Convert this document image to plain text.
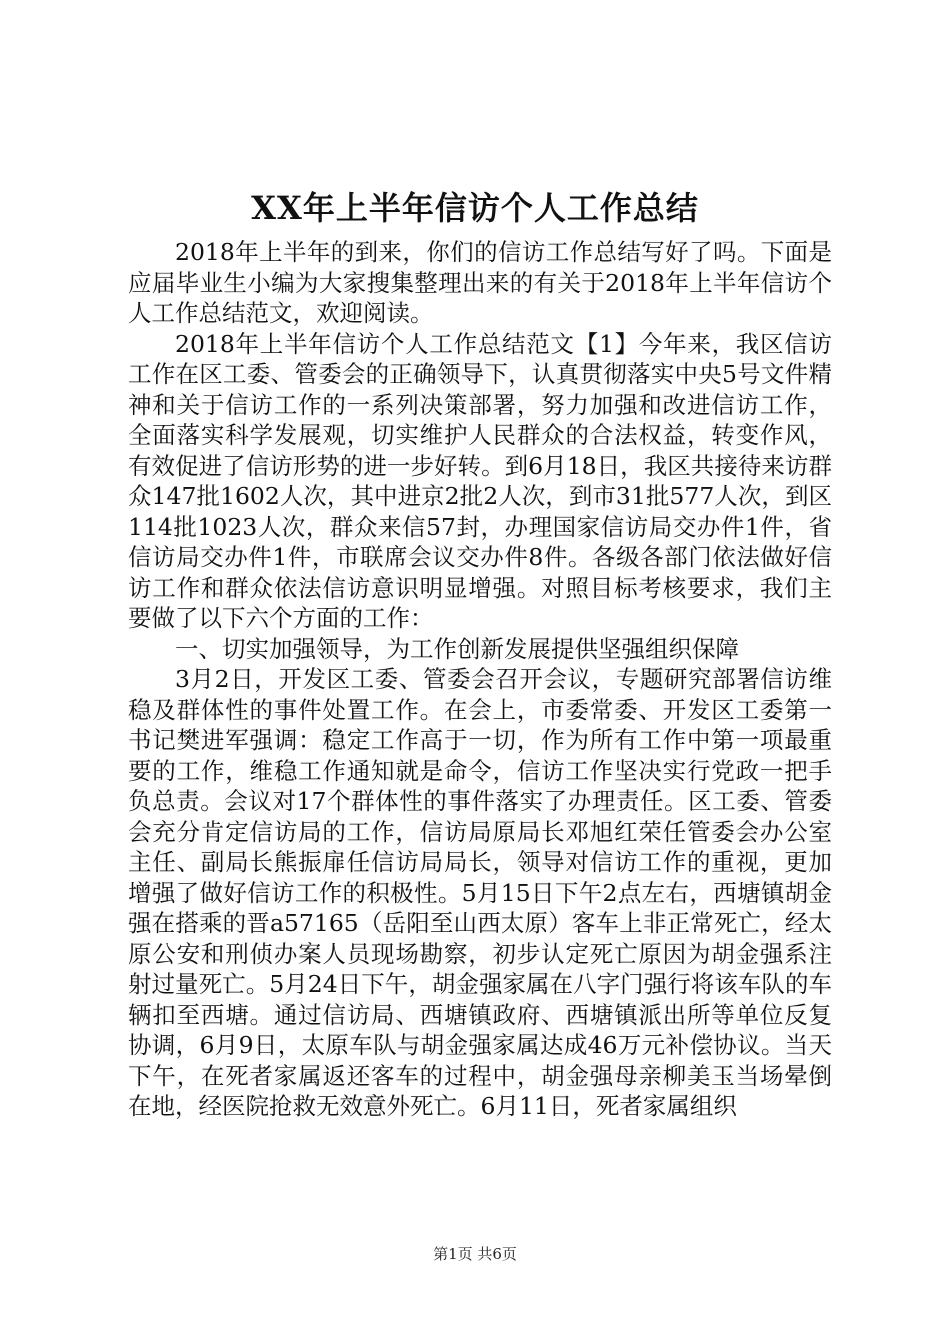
XX年上半年信访个人工作总结

2018年上半年的到来，你们的信访工作总结写好了吗。下面是应届毕业生小编为大家搜集整理出来的有关于2018年上半年信访个人工作总结范文，欢迎阅读。

2018年上半年信访个人工作总结范文【1】今年来，我区信访工作在区工委、管委会的正确领导下，认真贯彻落实中央5号文件精神和关于信访工作的一系列决策部署，努力加强和改进信访工作，全面落实科学发展观，切实维护人民群众的合法权益，转变作风，有效促进了信访形势的进一步好转。到6月18日，我区共接待来访群众147批1602人次，其中进京2批2人次，到市31批577人次，到区114批1023人次，群众来信57封，办理国家信访局交办件1件，省信访局交办件1件，市联席会议交办件8件。各级各部门依法做好信访工作和群众依法信访意识明显增强。对照目标考核要求，我们主要做了以下六个方面的工作：

一、切实加强领导，为工作创新发展提供坚强组织保障

3月2日，开发区工委、管委会召开会议，专题研究部署信访维稳及群体性的事件处置工作。在会上，市委常委、开发区工委第一书记樊进军强调：稳定工作高于一切，作为所有工作中第一项最重要的工作，维稳工作通知就是命令，信访工作坚决实行党政一把手负总责。会议对17个群体性的事件落实了办理责任。区工委、管委会充分肯定信访局的工作，信访局原局长邓旭红荣任管委会办公室主任、副局长熊振扉任信访局局长，领导对信访工作的重视，更加增强了做好信访工作的积极性。5月15日下午2点左右，西塘镇胡金强在搭乘的晋a57165（岳阳至山西太原）客车上非正常死亡，经太原公安和刑侦办案人员现场勘察，初步认定死亡原因为胡金强系注射过量死亡。5月24日下午，胡金强家属在八字门强行将该车队的车辆扣至西塘。通过信访局、西塘镇政府、西塘镇派出所等单位反复协调，6月9日，太原车队与胡金强家属达成46万元补偿协议。当天下午，在死者家属返还客车的过程中，胡金强母亲柳美玉当场晕倒在地，经医院抢救无效意外死亡。6月11日，死者家属组织

第1页 共6页
